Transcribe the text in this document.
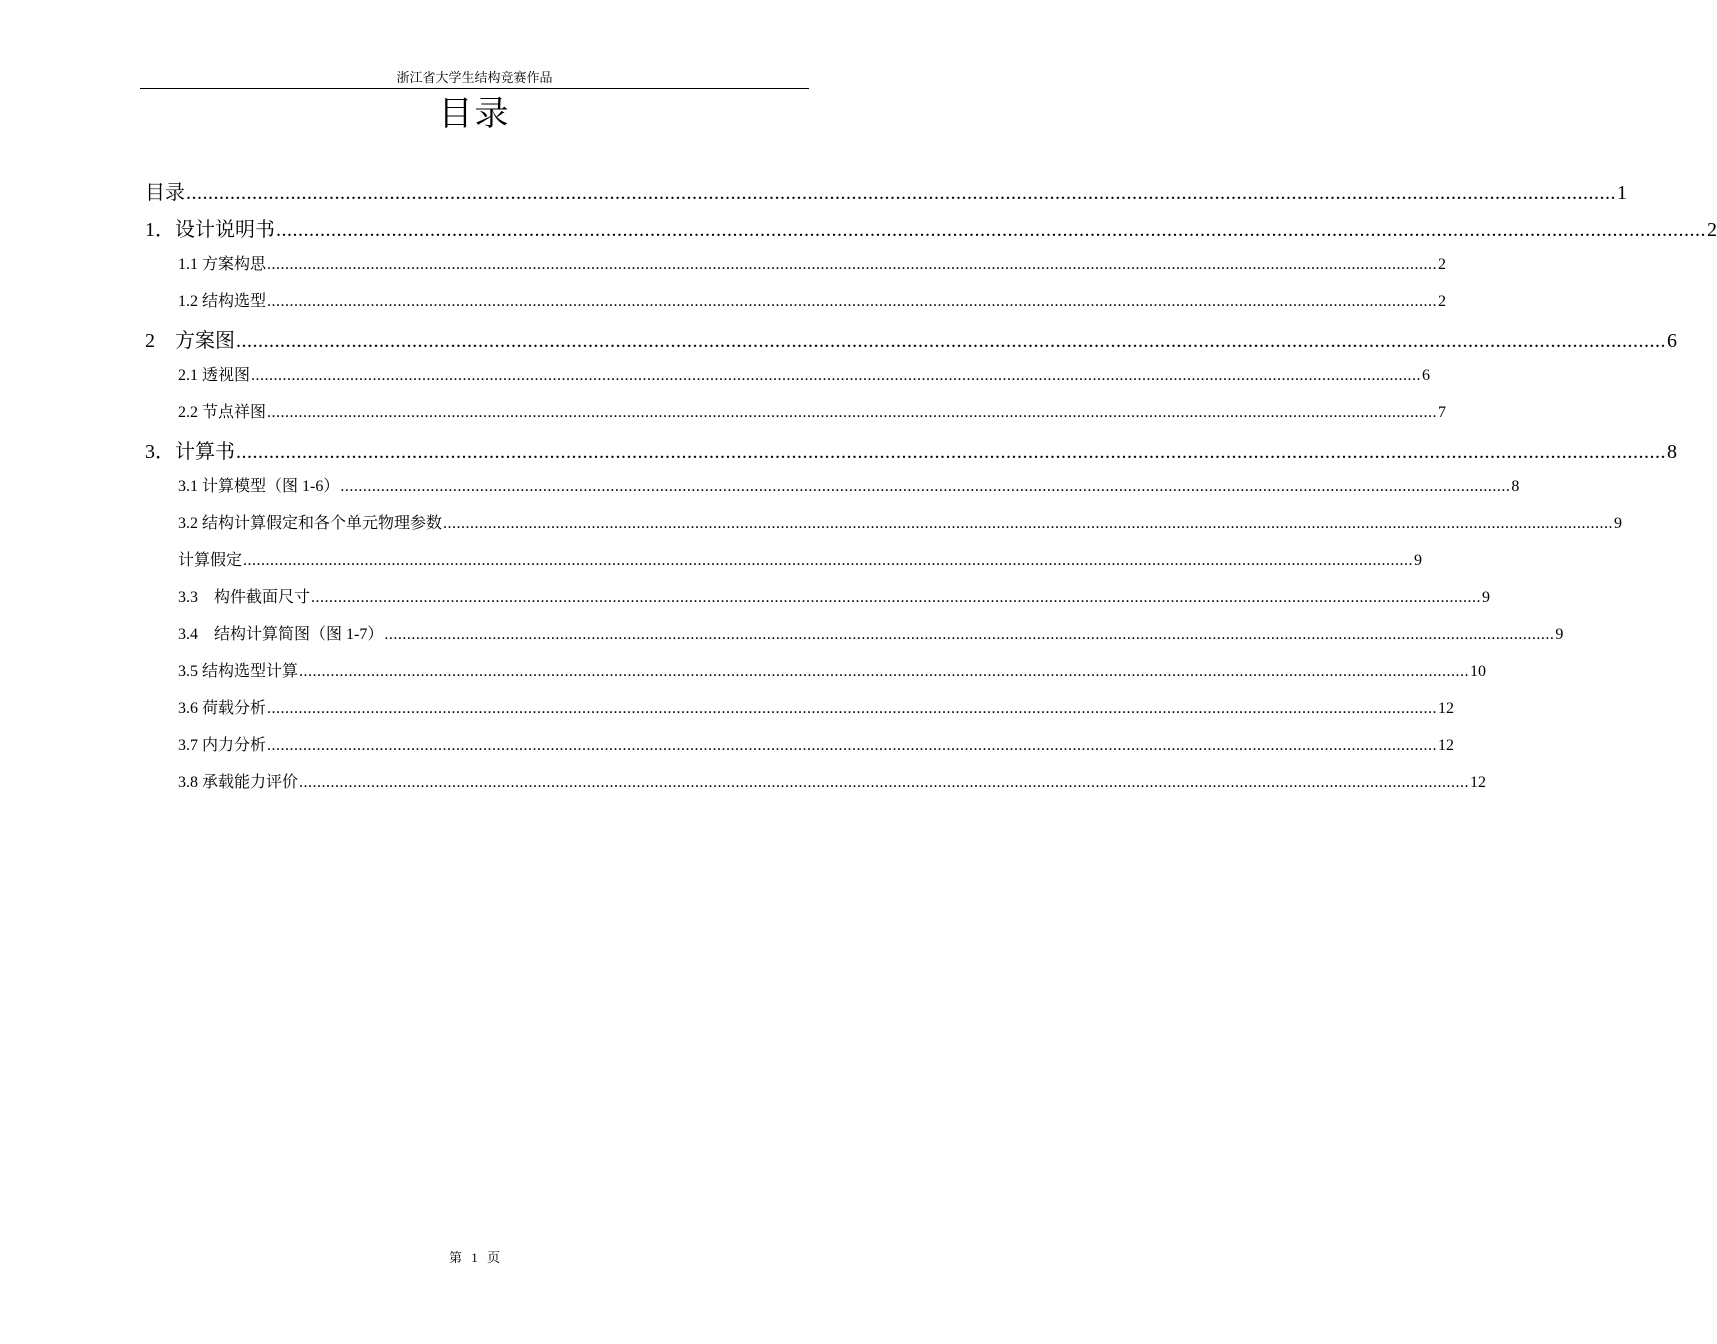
浙江省大学生结构竞赛作品
目录
目录 .................................................................................................................................................................................................................................................................... 1
1．设计说明书 .................................................................................................................................................................................................................................................................... 2
1.1 方案构思 .................................................................................................................................................................................................................................................................... 2
1.2 结构选型 .................................................................................................................................................................................................................................................................... 2
2　方案图 .................................................................................................................................................................................................................................................................... 6
2.1 透视图 .................................................................................................................................................................................................................................................................... 6
2.2 节点祥图 .................................................................................................................................................................................................................................................................... 7
3．计算书 .................................................................................................................................................................................................................................................................... 8
3.1 计算模型（图 1-6） .................................................................................................................................................................................................................................................................... 8
3.2 结构计算假定和各个单元物理参数 .................................................................................................................................................................................................................................................................... 9
计算假定 .................................................................................................................................................................................................................................................................... 9
3.3　构件截面尺寸 .................................................................................................................................................................................................................................................................... 9
3.4　结构计算简图（图 1-7） .................................................................................................................................................................................................................................................................... 9
3.5 结构选型计算 .................................................................................................................................................................................................................................................................... 10
3.6 荷载分析 .................................................................................................................................................................................................................................................................... 12
3.7 内力分析 .................................................................................................................................................................................................................................................................... 12
3.8 承载能力评价 .................................................................................................................................................................................................................................................................... 12
第 1 页
